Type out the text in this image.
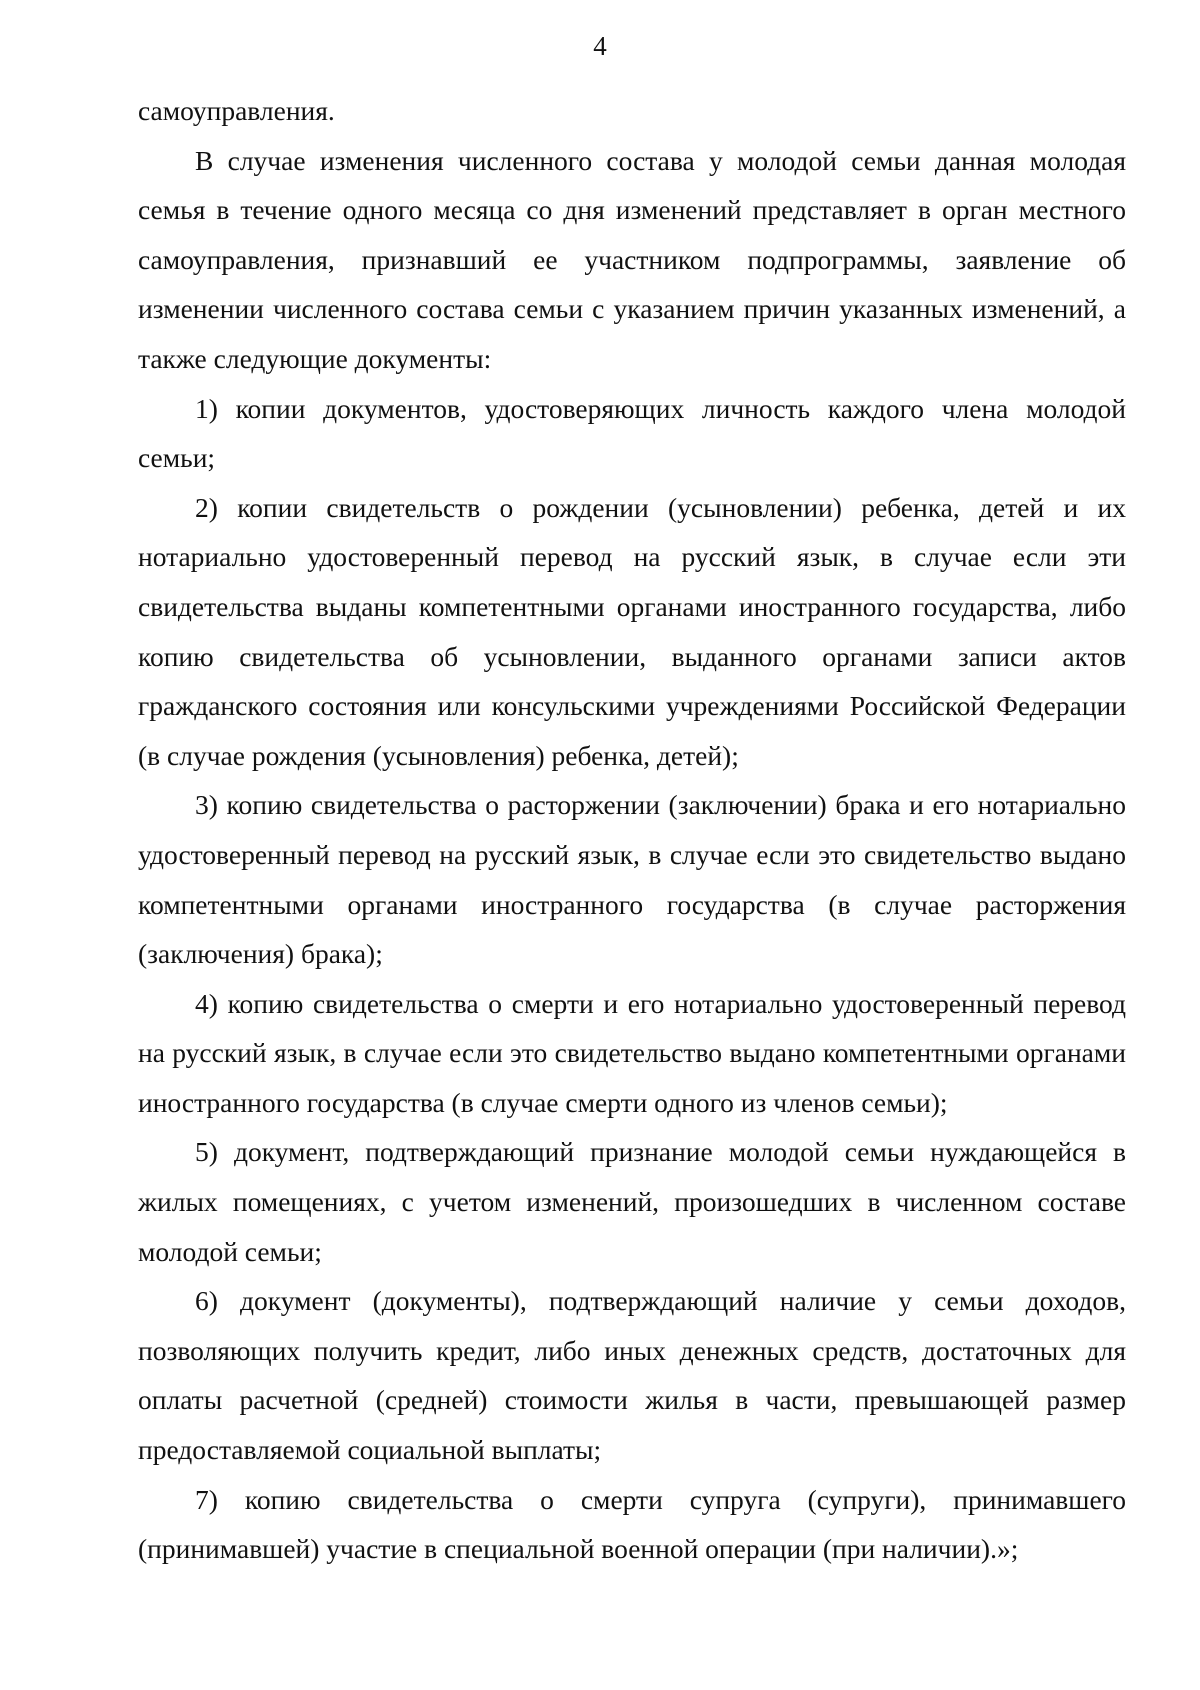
4

самоуправления.

В случае изменения численного состава у молодой семьи данная молодая семья в течение одного месяца со дня изменений представляет в орган местного самоуправления, признавший ее участником подпрограммы, заявление об изменении численного состава семьи с указанием причин указанных изменений, а также следующие документы:

1) копии документов, удостоверяющих личность каждого члена молодой семьи;

2) копии свидетельств о рождении (усыновлении) ребенка, детей и их нотариально удостоверенный перевод на русский язык, в случае если эти свидетельства выданы компетентными органами иностранного государства, либо копию свидетельства об усыновлении, выданного органами записи актов гражданского состояния или консульскими учреждениями Российской Федерации (в случае рождения (усыновления) ребенка, детей);

3) копию свидетельства о расторжении (заключении) брака и его нотариально удостоверенный перевод на русский язык, в случае если это свидетельство выдано компетентными органами иностранного государства (в случае расторжения (заключения) брака);

4) копию свидетельства о смерти и его нотариально удостоверенный перевод на русский язык, в случае если это свидетельство выдано компетентными органами иностранного государства (в случае смерти одного из членов семьи);

5) документ, подтверждающий признание молодой семьи нуждающейся в жилых помещениях, с учетом изменений, произошедших в численном составе молодой семьи;

6) документ (документы), подтверждающий наличие у семьи доходов, позволяющих получить кредит, либо иных денежных средств, достаточных для оплаты расчетной (средней) стоимости жилья в части, превышающей размер предоставляемой социальной выплаты;

7) копию свидетельства о смерти супруга (супруги), принимавшего (принимавшей) участие в специальной военной операции (при наличии).»;
